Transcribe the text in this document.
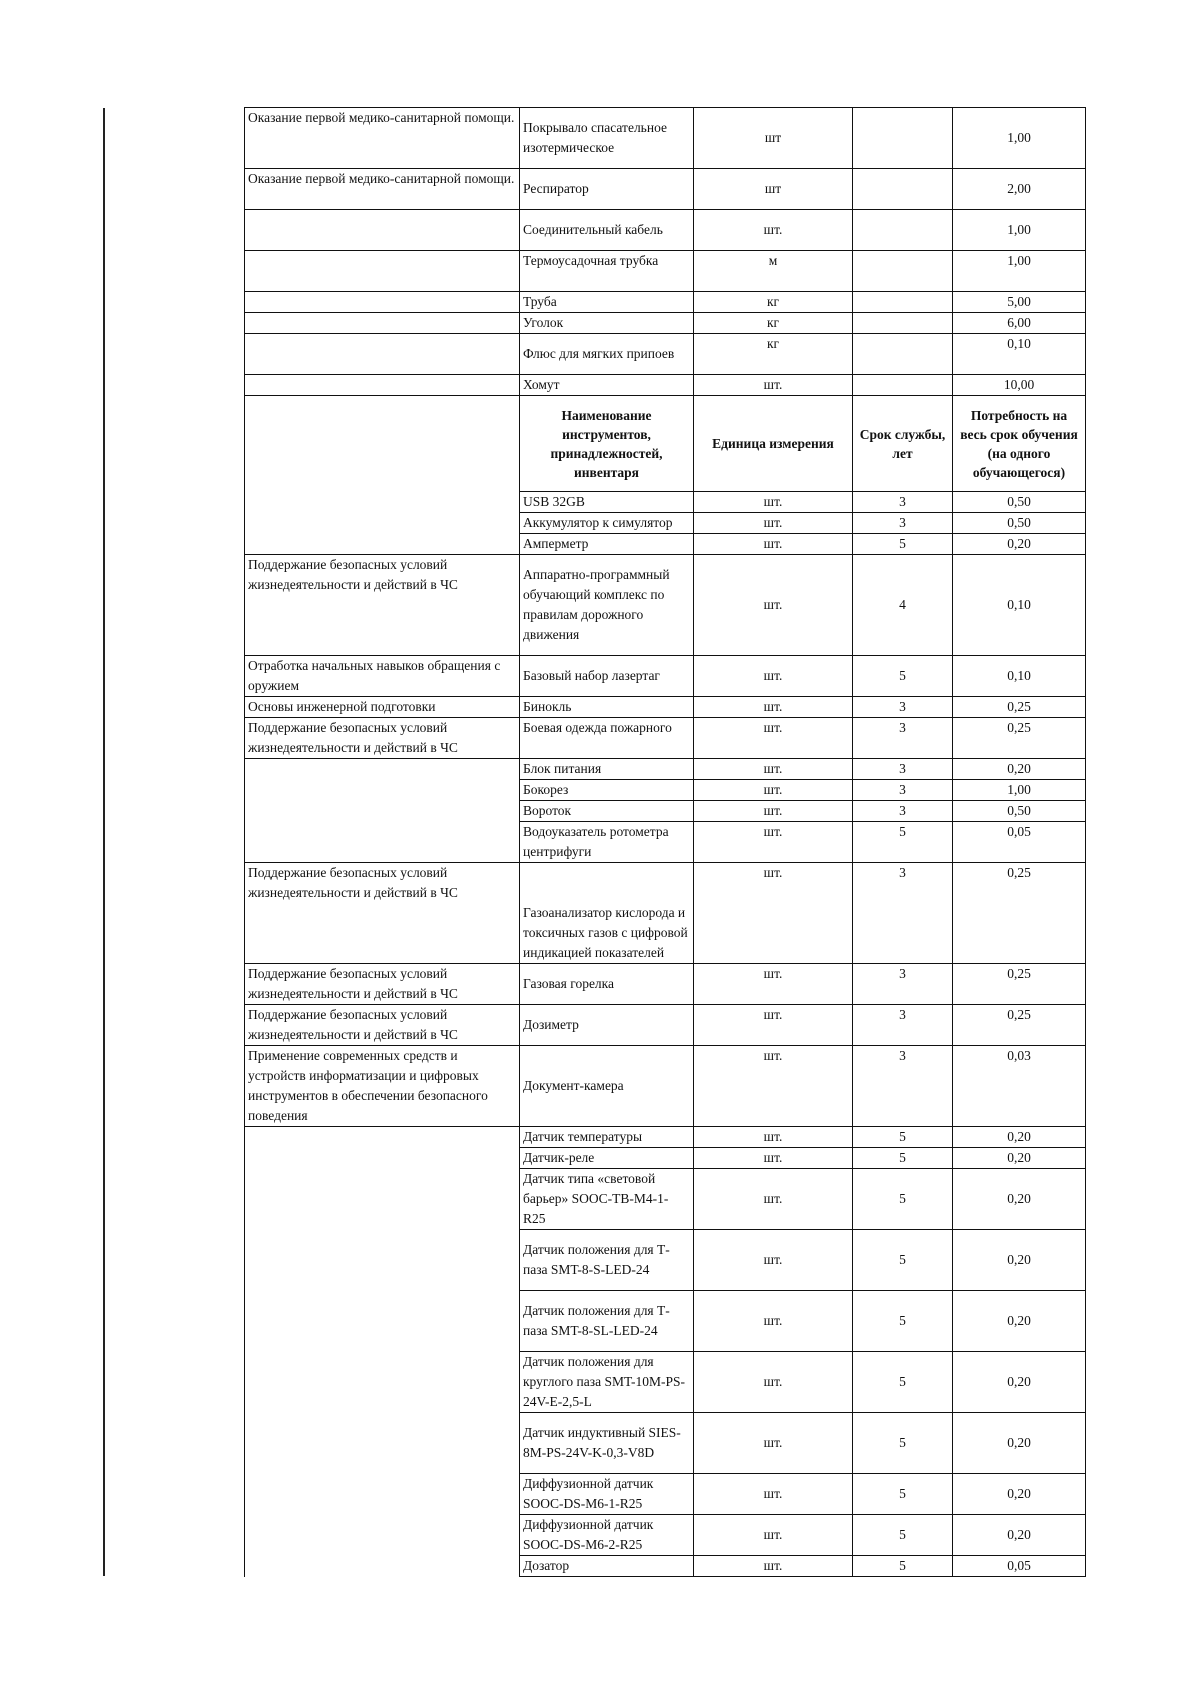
Оказание первой медико-санитарной помощи.	Покрывало спасательное изотермическое	шт		1,00
Оказание первой медико-санитарной помощи.	Респиратор	шт		2,00
	Соединительный кабель	шт.		1,00
	Термоусадочная трубка	м		1,00
	Труба	кг		5,00
	Уголок	кг		6,00
	Флюс для мягких припоев	кг		0,10
	Хомут	шт.		10,00
	Наименование инструментов, принадлежностей, инвентаря	Единица измерения	Срок службы, лет	Потребность на весь срок обучения (на одного обучающегося)
	USB 32GB	шт.	3	0,50
	Аккумулятор к симулятор	шт.	3	0,50
	Амперметр	шт.	5	0,20
Поддержание безопасных условий жизнедеятельности и действий в ЧС	Аппаратно-программный обучающий комплекс по правилам дорожного движения	шт.	4	0,10
Отработка начальных навыков обращения с оружием	Базовый набор лазертаг	шт.	5	0,10
Основы инженерной подготовки	Бинокль	шт.	3	0,25
Поддержание безопасных условий жизнедеятельности и действий в ЧС	Боевая одежда пожарного	шт.	3	0,25
	Блок питания	шт.	3	0,20
	Бокорез	шт.	3	1,00
	Вороток	шт.	3	0,50
	Водоуказатель ротометра центрифуги	шт.	5	0,05
Поддержание безопасных условий жизнедеятельности и действий в ЧС	Газоанализатор кислорода и токсичных газов с цифровой индикацией показателей	шт.	3	0,25
Поддержание безопасных условий жизнедеятельности и действий в ЧС	Газовая горелка	шт.	3	0,25
Поддержание безопасных условий жизнедеятельности и действий в ЧС	Дозиметр	шт.	3	0,25
Применение современных средств и устройств информатизации и цифровых инструментов в обеспечении безопасного поведения	Документ-камера	шт.	3	0,03
	Датчик температуры	шт.	5	0,20
	Датчик-реле	шт.	5	0,20
	Датчик типа «световой барьер» SOOC-TB-M4-1-R25	шт.	5	0,20
	Датчик положения для Т-паза SMT-8-S-LED-24	шт.	5	0,20
	Датчик положения для Т-паза SMT-8-SL-LED-24	шт.	5	0,20
	Датчик положения для круглого паза SMT-10M-PS-24V-E-2,5-L	шт.	5	0,20
	Датчик индуктивный SIES-8M-PS-24V-K-0,3-V8D	шт.	5	0,20
	Диффузионной датчик SOOC-DS-M6-1-R25	шт.	5	0,20
	Диффузионной датчик SOOC-DS-M6-2-R25	шт.	5	0,20
	Дозатор	шт.	5	0,05
